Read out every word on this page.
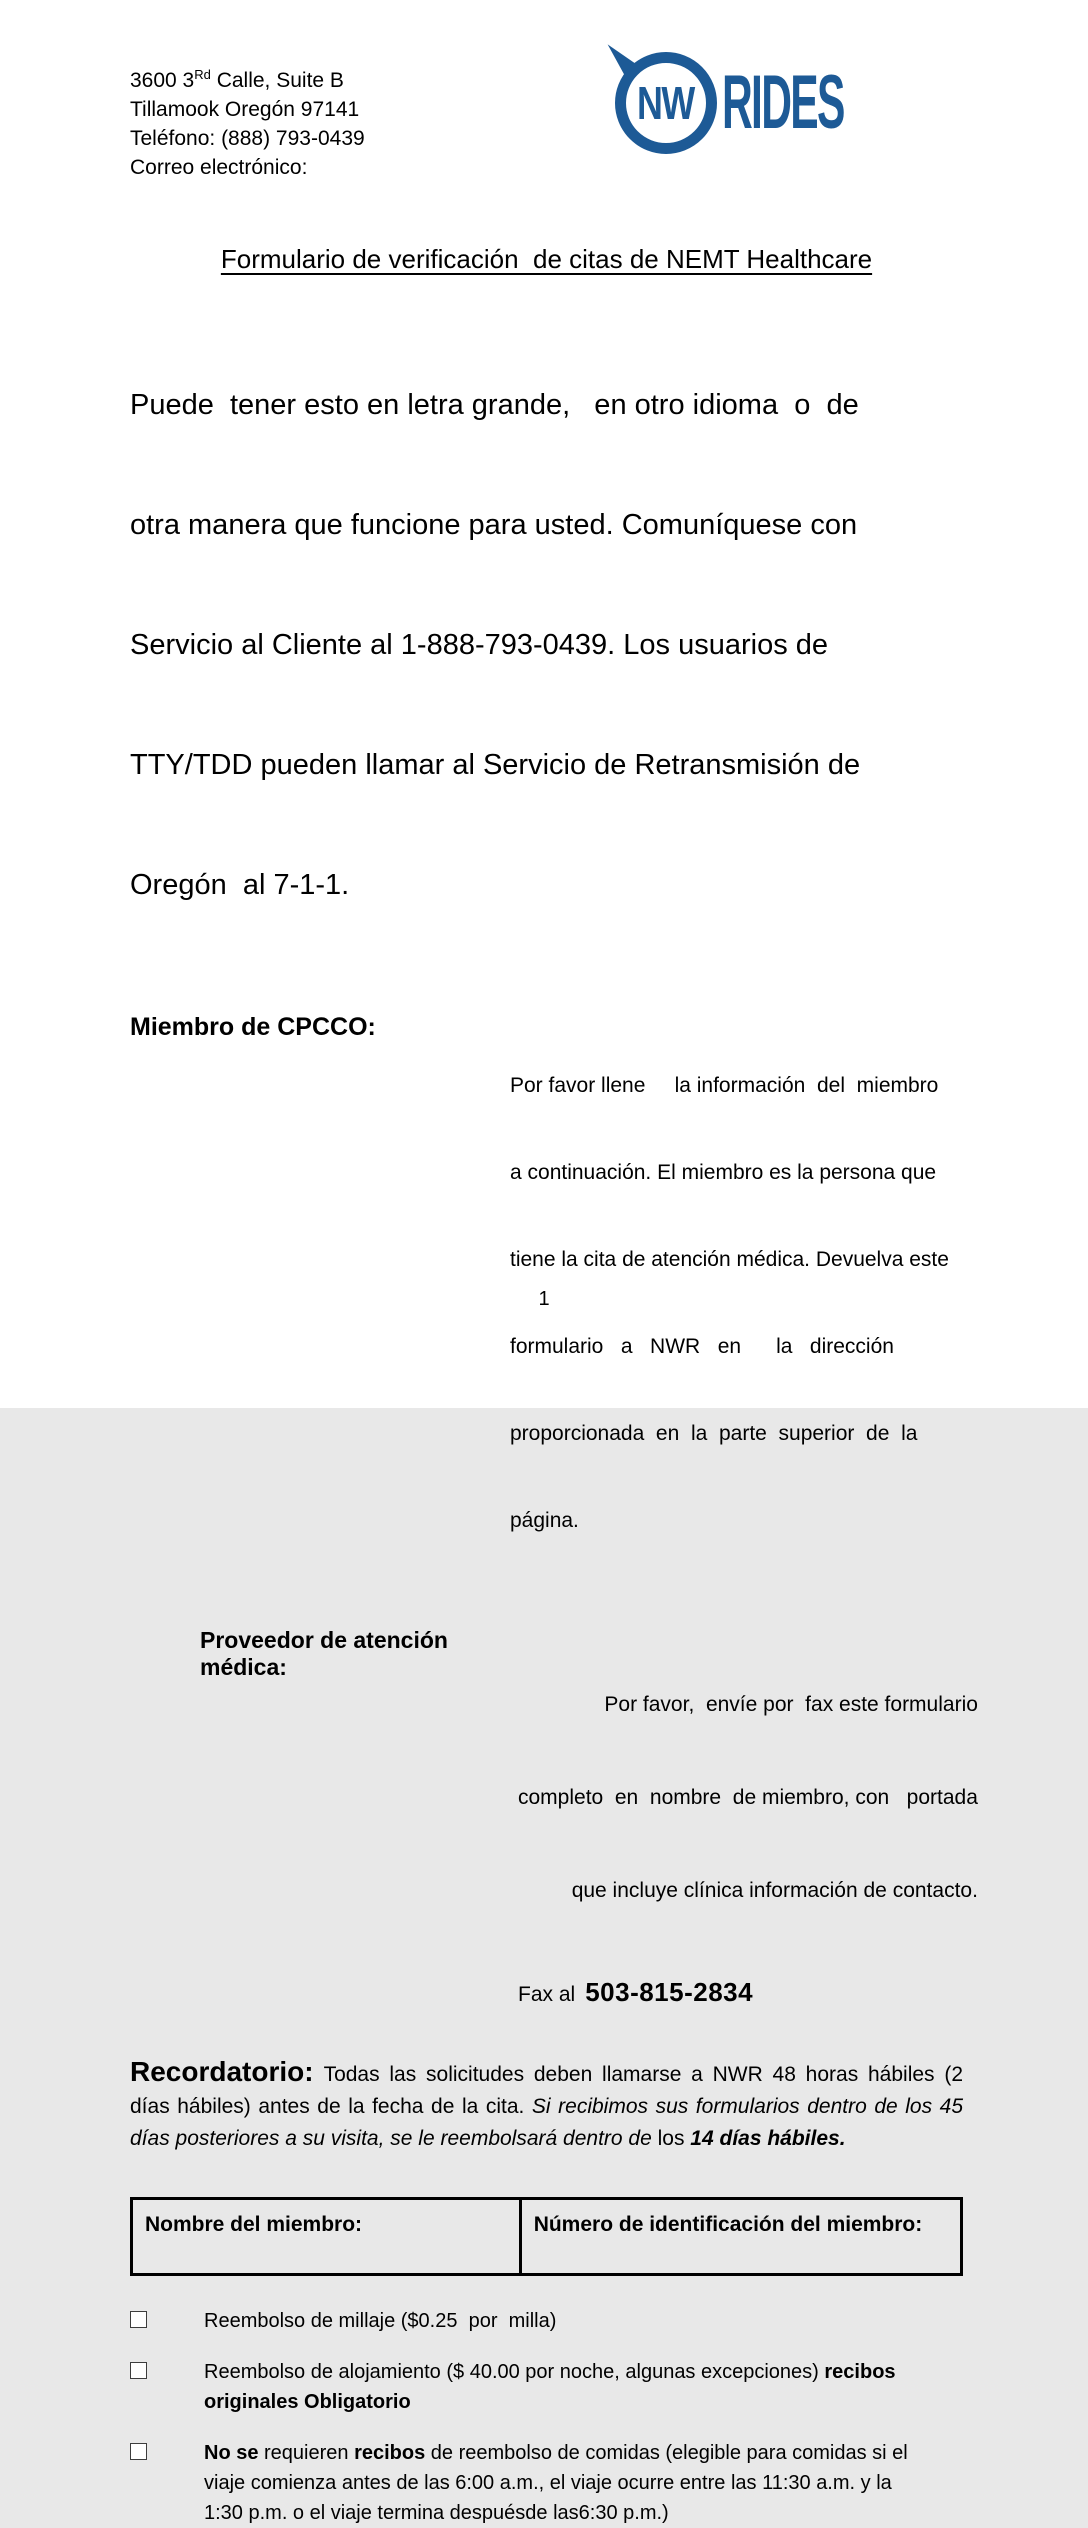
3600 3Rd Calle, Suite B
Tillamook Oregón 97141
Teléfono: (888) 793-0439
Correo electrónico:
NW RIDES
Formulario de verificación  de citas de NEMT Healthcare

Puede  tener esto en letra grande,   en otro idioma  o  de

otra manera que funcione para usted. Comuníquese con

Servicio al Cliente al 1-888-793-0439. Los usuarios de

TTY/TDD pueden llamar al Servicio de Retransmisión de

Oregón  al 7-1-1.

Miembro de CPCCO:

Por favor llene     la información  del  miembro

a continuación. El miembro es la persona que

tiene la cita de atención médica. Devuelva este

formulario   a   NWR   en      la   dirección

proporcionada  en  la  parte  superior  de  la

página.

Proveedor de atención médica:

Por favor,  envíe por  fax este formulario

completo  en  nombre  de miembro, con   portada

que incluye clínica información de contacto.

Fax al 503-815-2834

Recordatorio: Todas las solicitudes deben llamarse a NWR 48 horas hábiles (2 días hábiles) antes de la fecha de la cita. Si recibimos sus formularios dentro de los 45 días posteriores a su visita, se le reembolsará dentro de los 14 días hábiles.

Nombre del miembro:	Número de identificación del miembro:
Reembolso de millaje ($0.25  por  milla)
Reembolso de alojamiento ($ 40.00 por noche, algunas excepciones) recibos originales Obligatorio
No se requieren recibos de reembolso de comidas (elegible para comidas si el viaje comienza antes de las 6:00 a.m., el viaje ocurre entre las 11:30 a.m. y la 1:30 p.m. o el viaje termina despuésde las6:30 p.m.)
1
